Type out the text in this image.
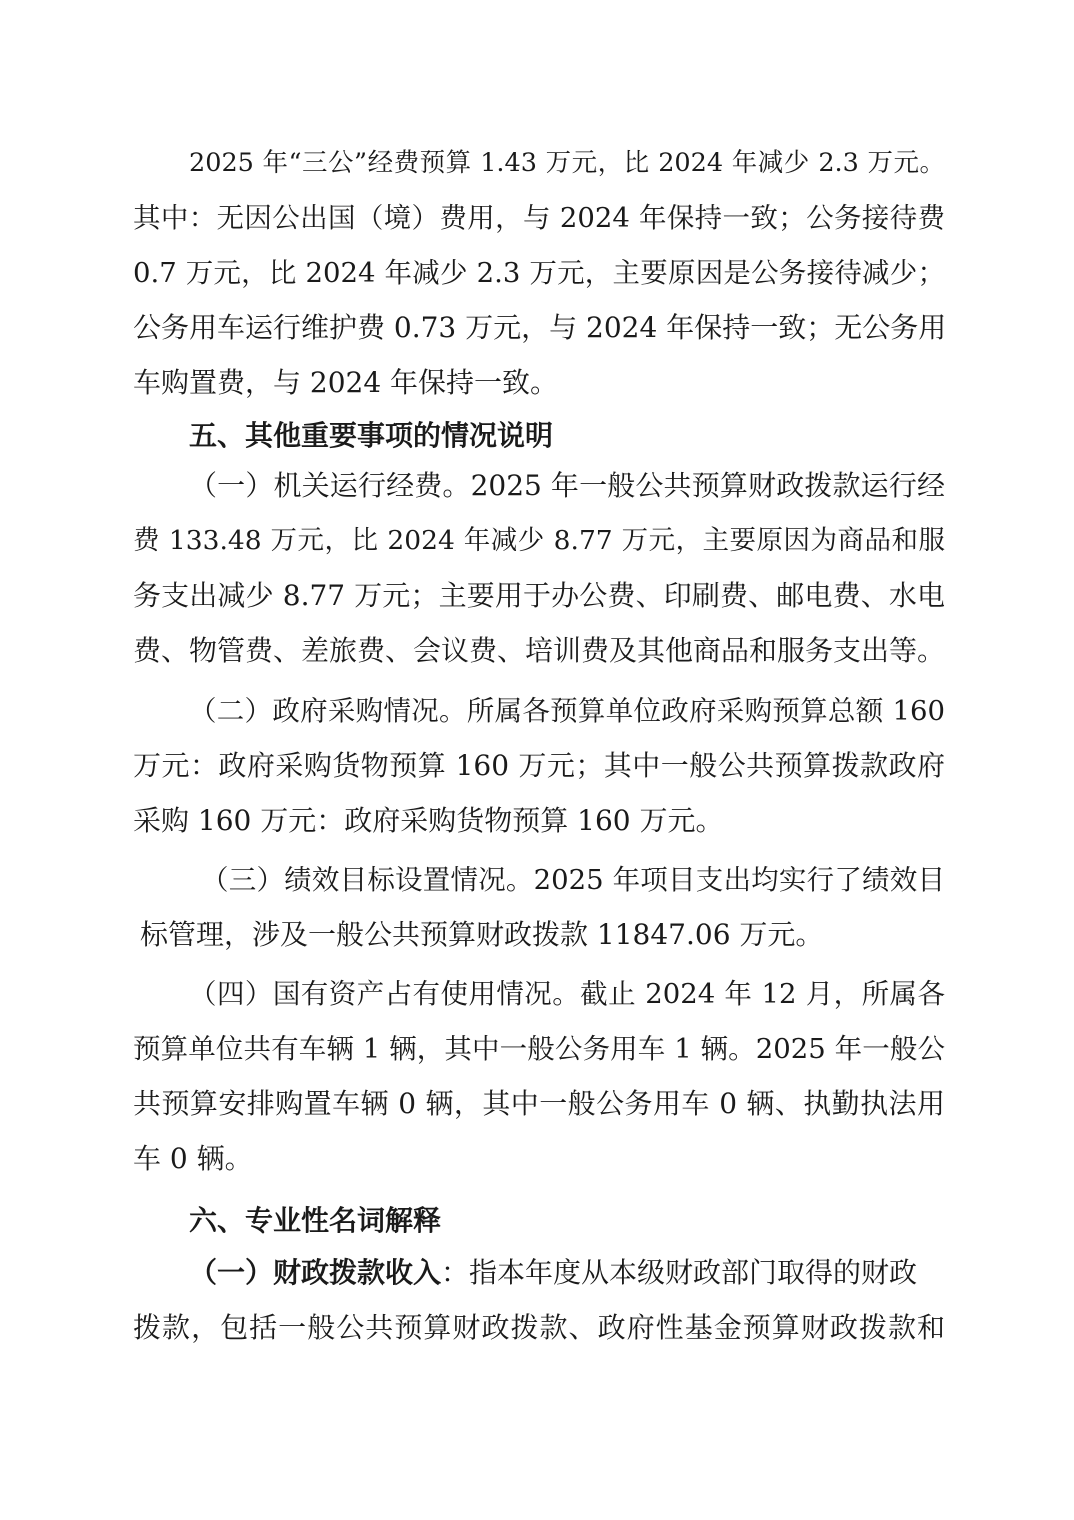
2025 年“三公”经费预算 1.43 万元，比 2024 年减少 2.3 万元。
其中：无因公出国（境）费用，与 2024 年保持一致；公务接待费
0.7 万元，比 2024 年减少 2.3 万元，主要原因是公务接待减少；
公务用车运行维护费 0.73 万元，与 2024 年保持一致；无公务用
车购置费，与 2024 年保持一致。
五、其他重要事项的情况说明
（一）机关运行经费。2025 年一般公共预算财政拨款运行经
费 133.48 万元，比 2024 年减少 8.77 万元，主要原因为商品和服
务支出减少 8.77 万元；主要用于办公费、印刷费、邮电费、水电
费、物管费、差旅费、会议费、培训费及其他商品和服务支出等。
（二）政府采购情况。所属各预算单位政府采购预算总额 160
万元：政府采购货物预算 160 万元；其中一般公共预算拨款政府
采购 160 万元：政府采购货物预算 160 万元。
（三）绩效目标设置情况。2025 年项目支出均实行了绩效目
标管理，涉及一般公共预算财政拨款 11847.06 万元。
（四）国有资产占有使用情况。截止 2024 年 12 月，所属各
预算单位共有车辆 1 辆，其中一般公务用车 1 辆。2025 年一般公
共预算安排购置车辆 0 辆，其中一般公务用车 0 辆、执勤执法用
车 0 辆。
六、专业性名词解释
（一）财政拨款收入：指本年度从本级财政部门取得的财政
拨款，包括一般公共预算财政拨款、政府性基金预算财政拨款和
